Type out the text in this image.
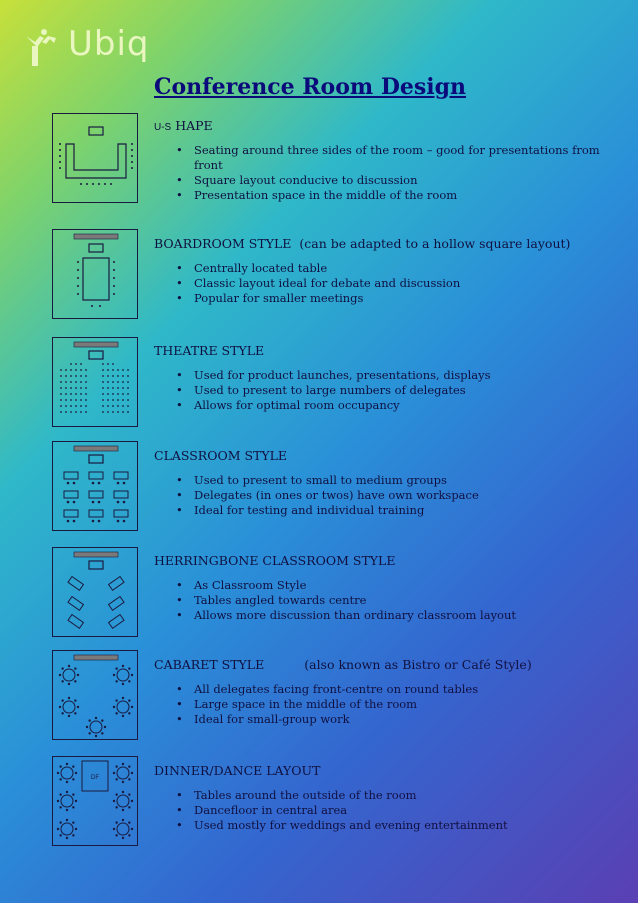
Ubiq
Conference Room Design
DF
U-S HAPE
• Seating around three sides of the room – good for presentations from front
• Square layout conducive to discussion
• Presentation space in the middle of the room
BOARDROOM STYLE (can be adapted to a hollow square layout)
• Centrally located table
• Classic layout ideal for debate and discussion
• Popular for smaller meetings
THEATRE STYLE
• Used for product launches, presentations, displays
• Used to present to large numbers of delegates
• Allows for optimal room occupancy
CLASSROOM STYLE
• Used to present to small to medium groups
• Delegates (in ones or twos) have own workspace
• Ideal for testing and individual training
HERRINGBONE CLASSROOM STYLE
• As Classroom Style
• Tables angled towards centre
• Allows more discussion than ordinary classroom layout
CABARET STYLE	(also known as Bistro or Café Style)
• All delegates facing front-centre on round tables
• Large space in the middle of the room
• Ideal for small-group work
DINNER/DANCE LAYOUT
• Tables around the outside of the room
• Dancefloor in central area
• Used mostly for weddings and evening entertainment
